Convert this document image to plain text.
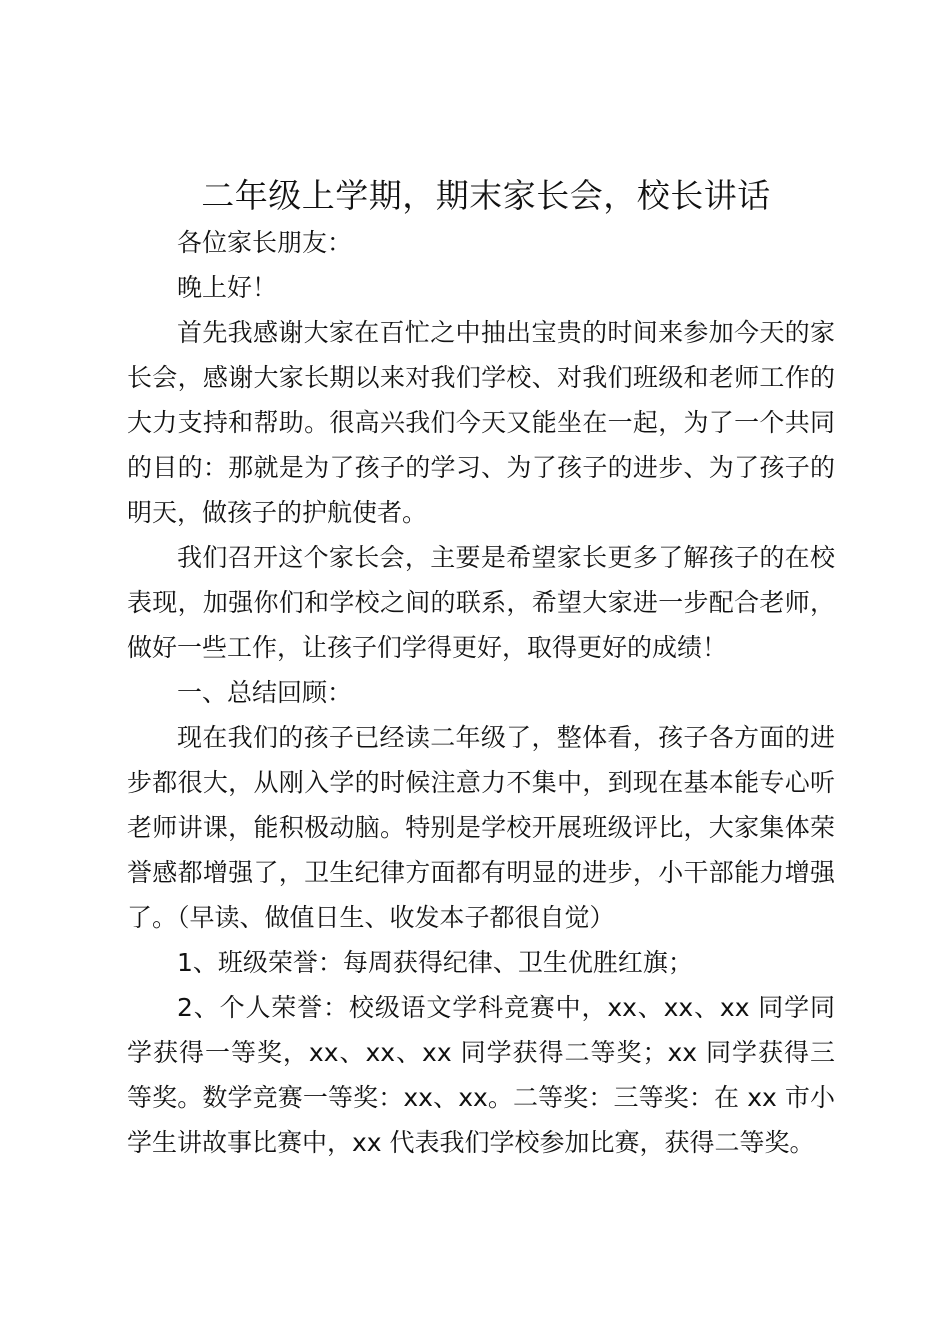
二年级上学期，期末家长会，校长讲话

各位家长朋友：

晚上好！

首先我感谢大家在百忙之中抽出宝贵的时间来参加今天的家长会，感谢大家长期以来对我们学校、对我们班级和老师工作的大力支持和帮助。很高兴我们今天又能坐在一起，为了一个共同的目的：那就是为了孩子的学习、为了孩子的进步、为了孩子的明天，做孩子的护航使者。

我们召开这个家长会，主要是希望家长更多了解孩子的在校表现，加强你们和学校之间的联系，希望大家进一步配合老师，做好一些工作，让孩子们学得更好，取得更好的成绩！

一、总结回顾：

现在我们的孩子已经读二年级了，整体看，孩子各方面的进步都很大，从刚入学的时候注意力不集中，到现在基本能专心听老师讲课，能积极动脑。特别是学校开展班级评比，大家集体荣誉感都增强了，卫生纪律方面都有明显的进步，小干部能力增强了。（早读、做值日生、收发本子都很自觉）

1、班级荣誉：每周获得纪律、卫生优胜红旗；

2、个人荣誉：校级语文学科竞赛中，xx、xx、xx 同学同学获得一等奖，xx、xx、xx 同学获得二等奖；xx 同学获得三等奖。数学竞赛一等奖：xx、xx。二等奖：三等奖：在 xx 市小学生讲故事比赛中，xx 代表我们学校参加比赛，获得二等奖。
